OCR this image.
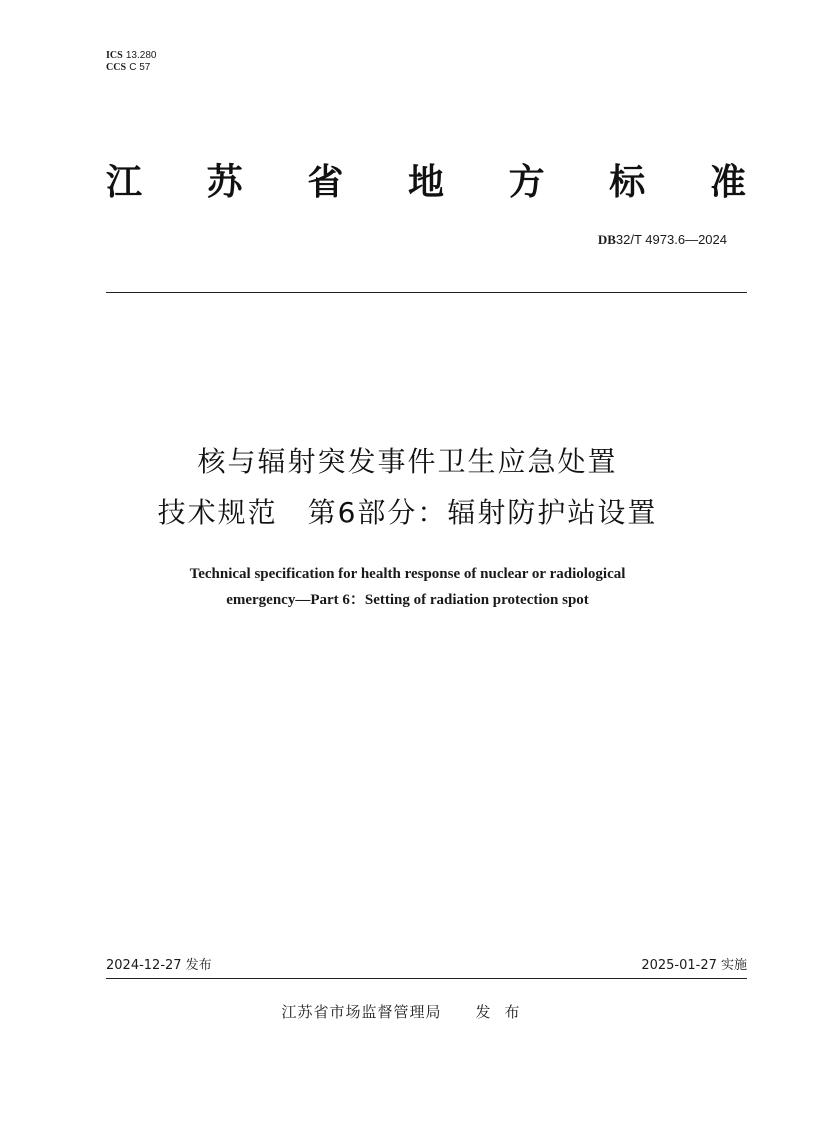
ICS 13.280
CCS C 57
江 苏 省 地 方 标 准
DB32/T 4973.6—2024
核与辐射突发事件卫生应急处置
技术规范　第6部分：辐射防护站设置
Technical specification for health response of nuclear or radiological
emergency—Part 6：Setting of radiation protection spot
2024-12-27 发布	2025-01-27 实施
江苏省市场监督管理局 发布
